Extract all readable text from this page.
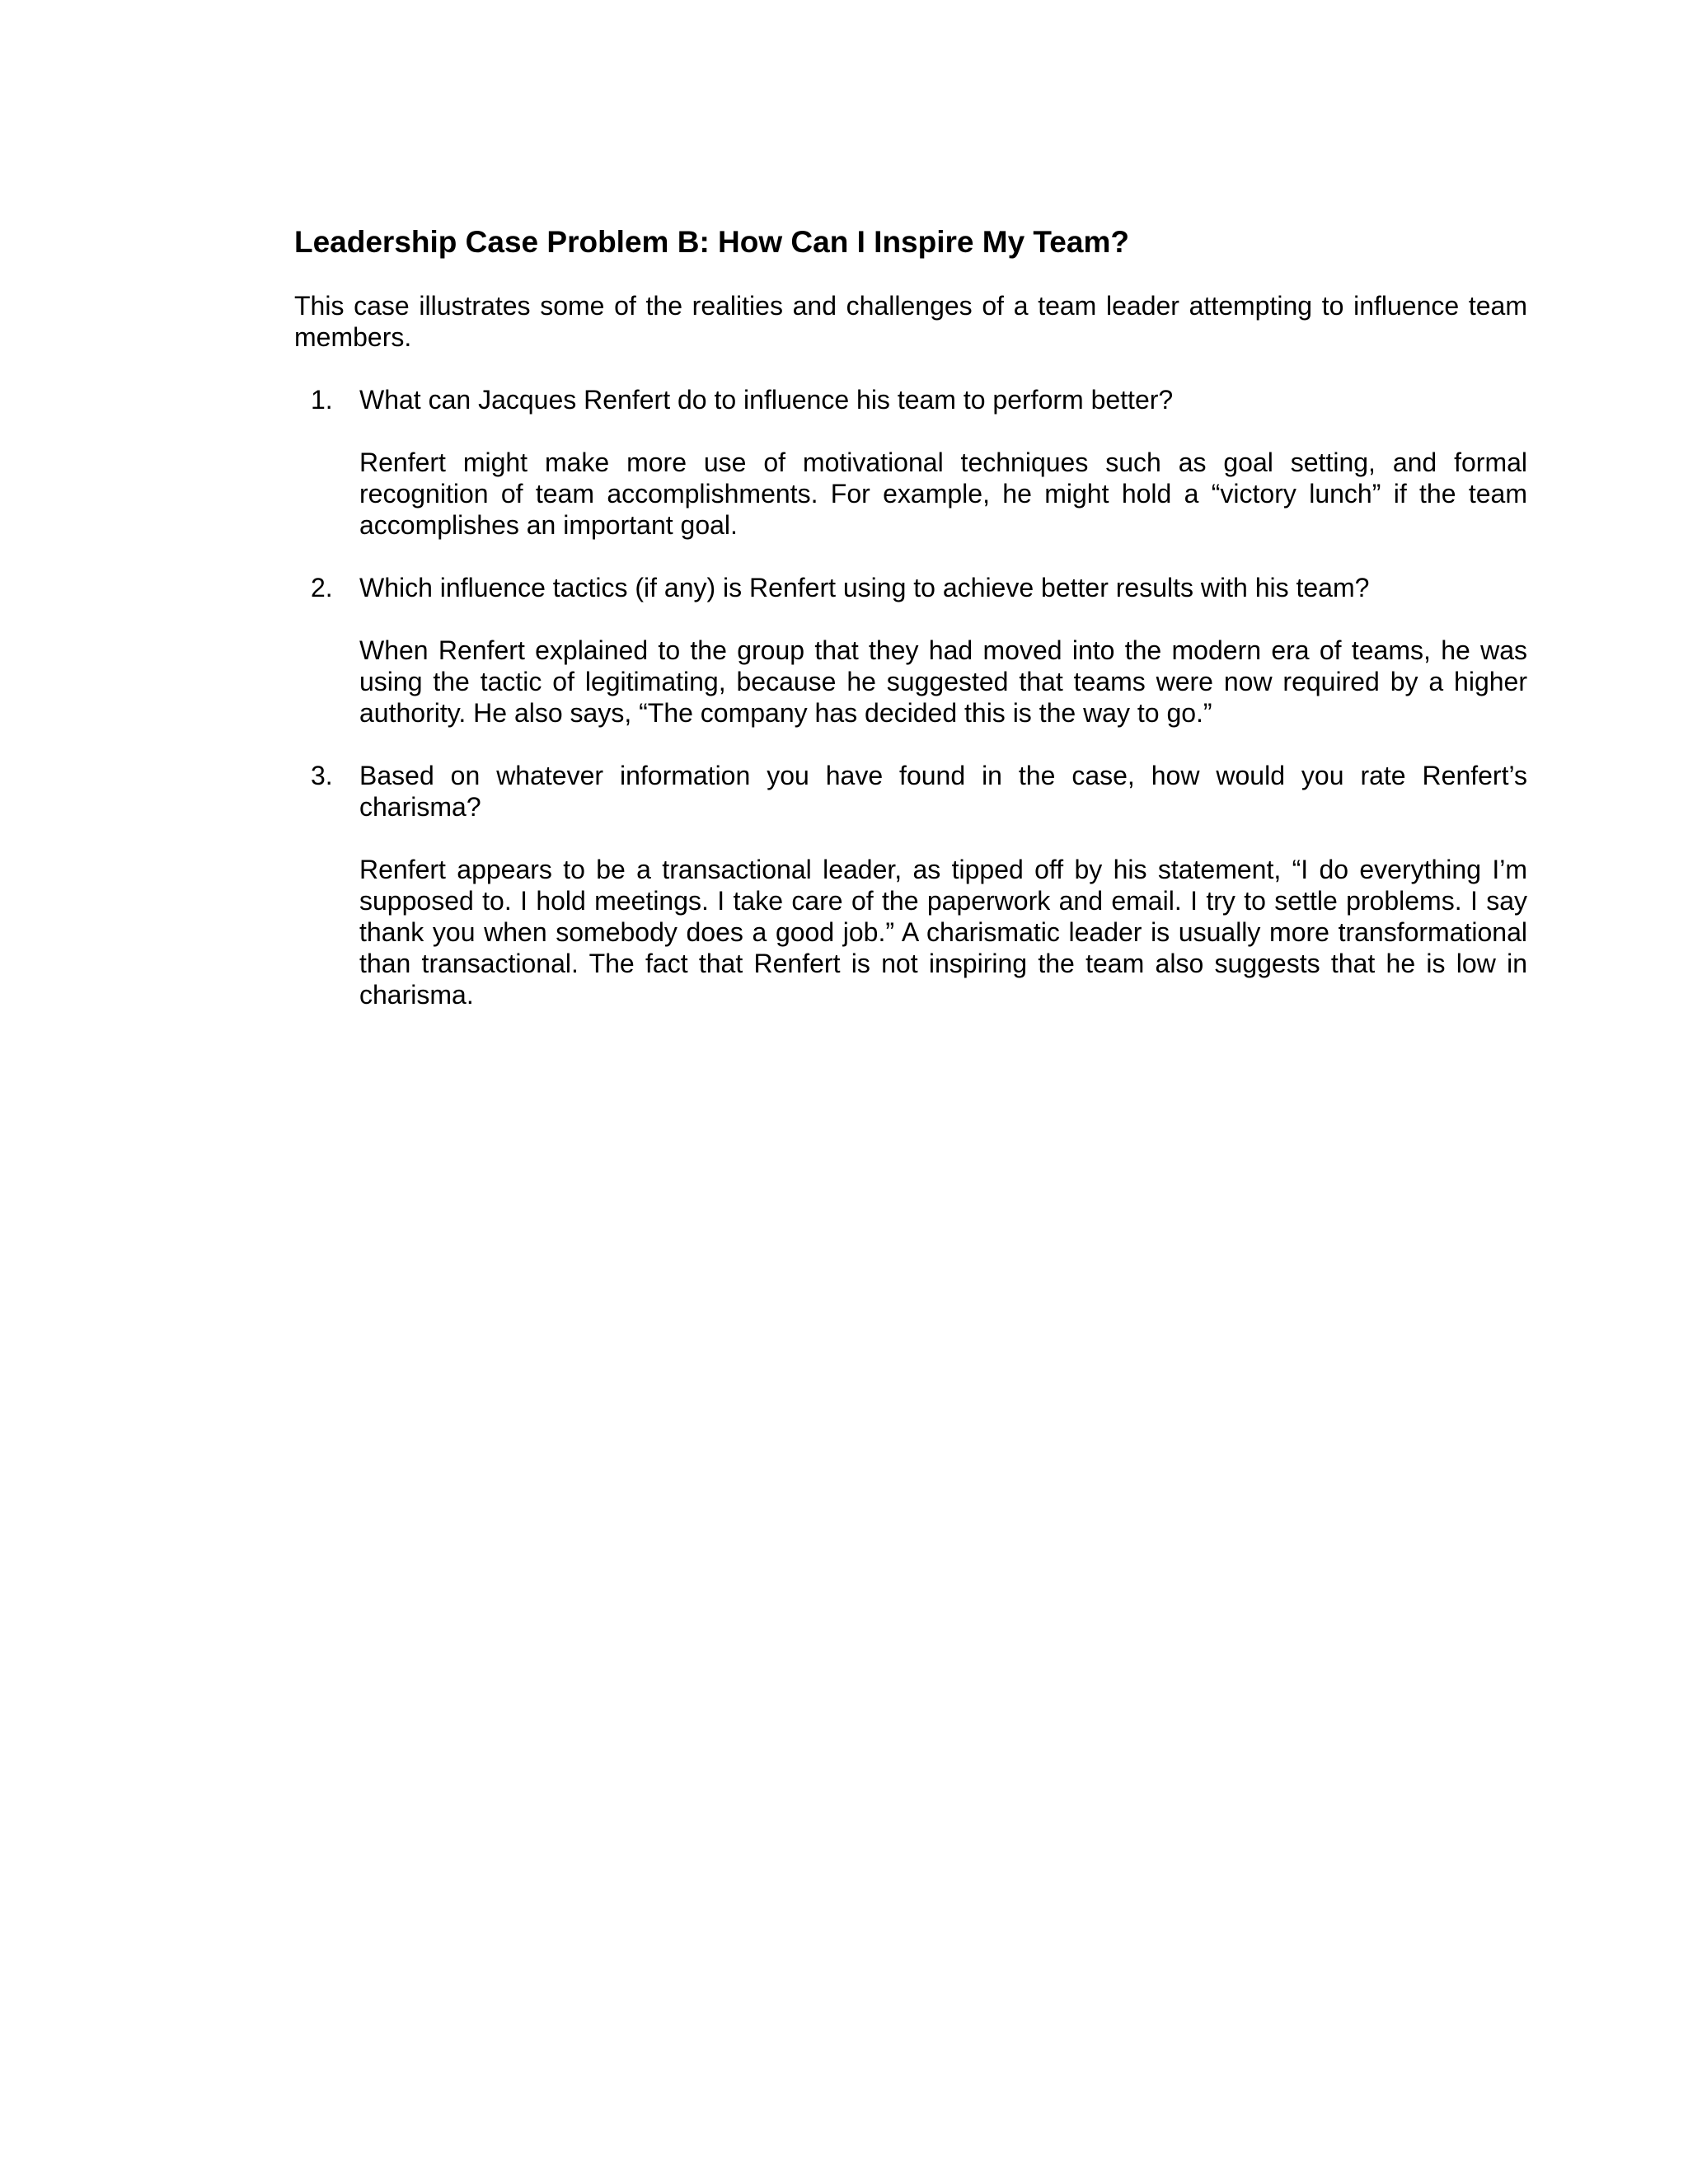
Leadership Case Problem B: How Can I Inspire My Team?

This case illustrates some of the realities and challenges of a team leader attempting to influence team members.

1. What can Jacques Renfert do to influence his team to perform better?

Renfert might make more use of motivational techniques such as goal setting, and formal recognition of team accomplishments. For example, he might hold a “victory lunch” if the team accomplishes an important goal.

2. Which influence tactics (if any) is Renfert using to achieve better results with his team?

When Renfert explained to the group that they had moved into the modern era of teams, he was using the tactic of legitimating, because he suggested that teams were now required by a higher authority. He also says, “The company has decided this is the way to go.”

3. Based on whatever information you have found in the case, how would you rate Renfert’s charisma?

Renfert appears to be a transactional leader, as tipped off by his statement, “I do everything I’m supposed to. I hold meetings. I take care of the paperwork and email. I try to settle problems. I say thank you when somebody does a good job.” A charismatic leader is usually more transformational than transactional. The fact that Renfert is not inspiring the team also suggests that he is low in charisma.
